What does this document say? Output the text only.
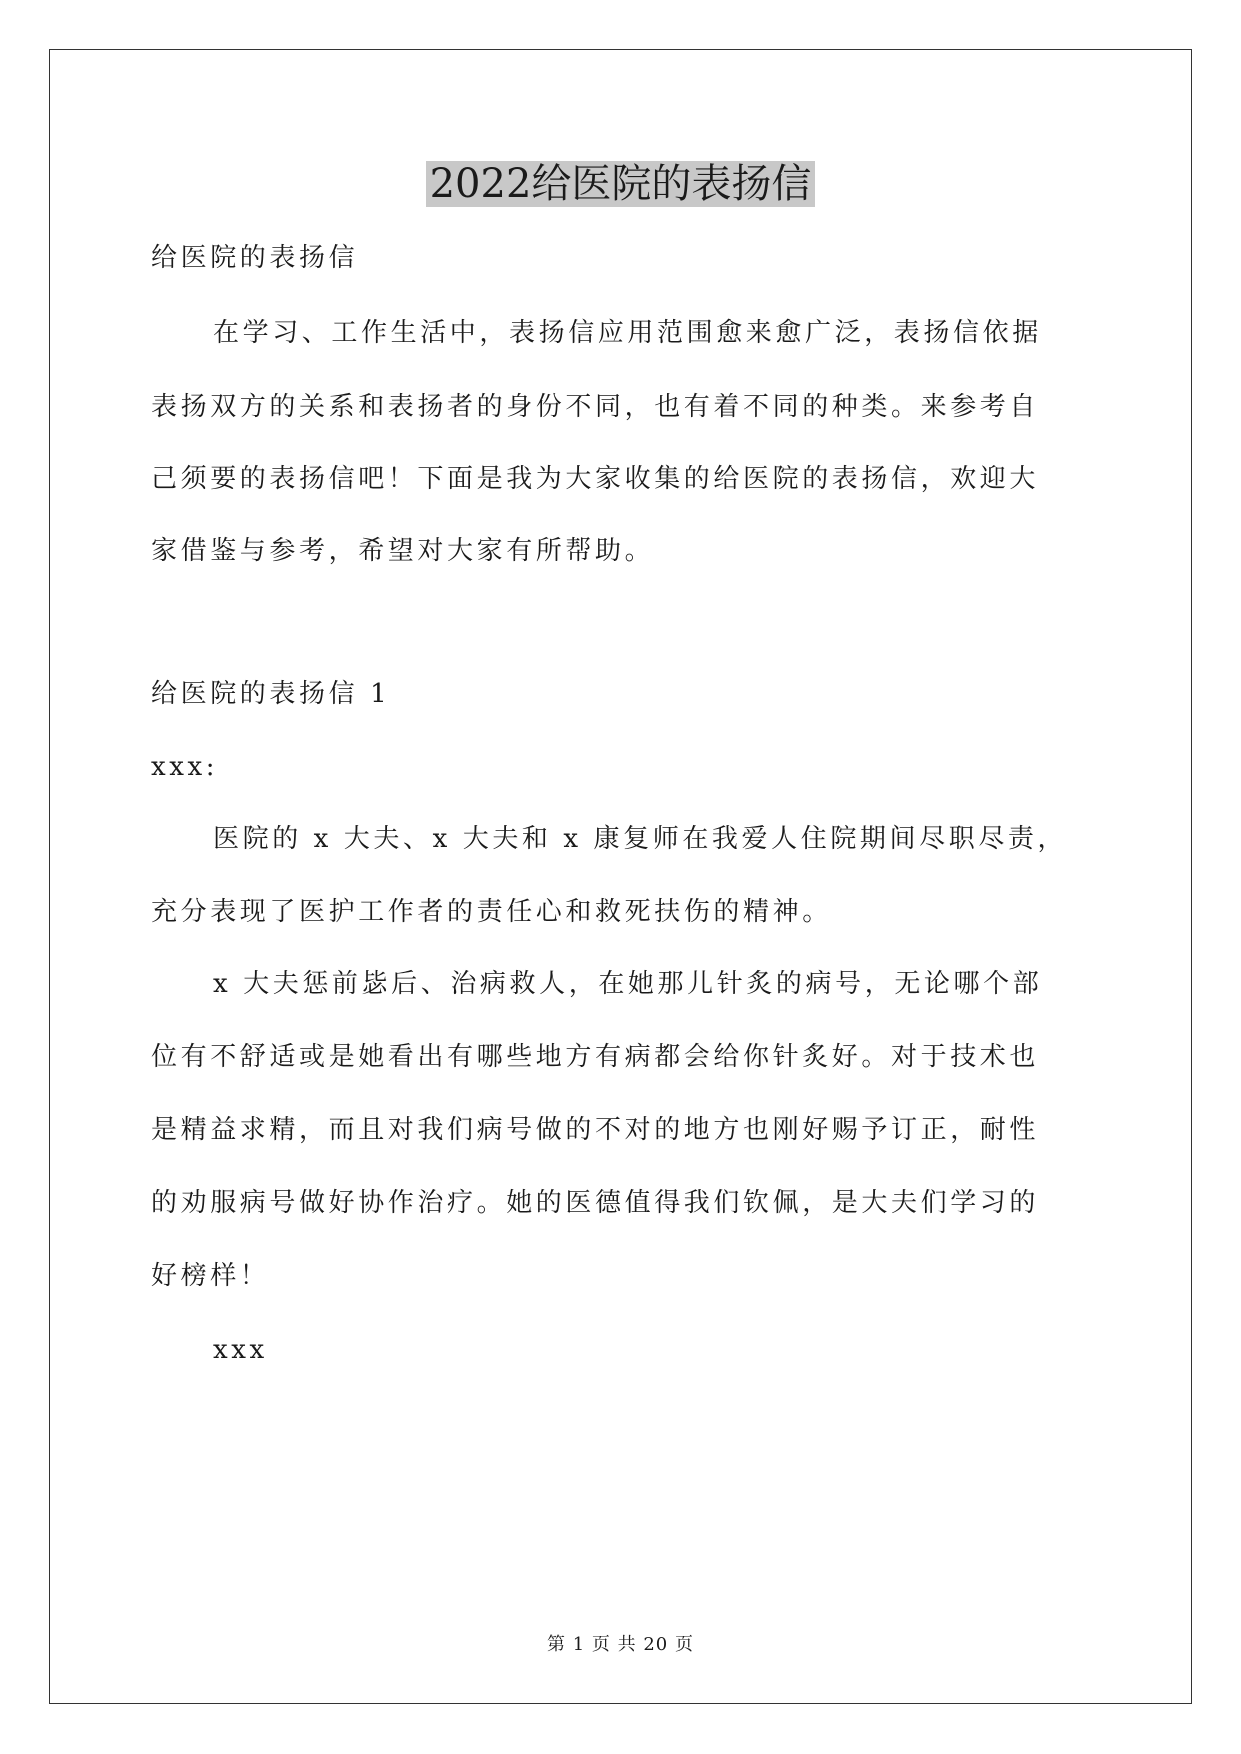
2022给医院的表扬信
给医院的表扬信
在学习、工作生活中，表扬信应用范围愈来愈广泛，表扬信依据
表扬双方的关系和表扬者的身份不同，也有着不同的种类。来参考自
己须要的表扬信吧！下面是我为大家收集的给医院的表扬信，欢迎大
家借鉴与参考，希望对大家有所帮助。
给医院的表扬信 1
xxx:
医院的 x 大夫、x 大夫和 x 康复师在我爱人住院期间尽职尽责，
充分表现了医护工作者的责任心和救死扶伤的精神。
x 大夫惩前毖后、治病救人，在她那儿针炙的病号，无论哪个部
位有不舒适或是她看出有哪些地方有病都会给你针炙好。对于技术也
是精益求精，而且对我们病号做的不对的地方也刚好赐予订正，耐性
的劝服病号做好协作治疗。她的医德值得我们钦佩，是大夫们学习的
好榜样！
xxx
第 1 页 共 20 页
